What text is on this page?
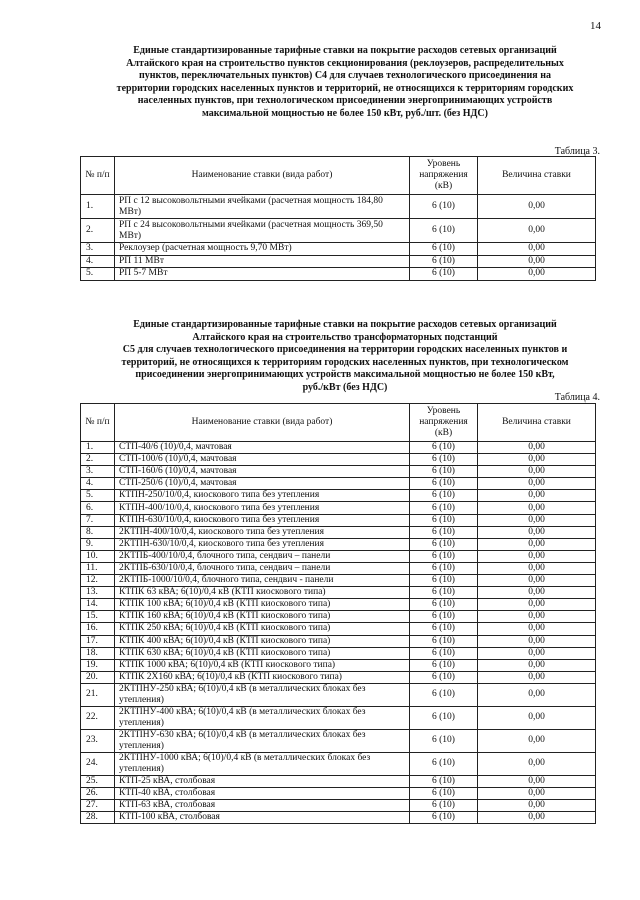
14
Единые стандартизированные тарифные ставки на покрытие расходов сетевых организаций
Алтайского края на строительство пунктов секционирования (реклоузеров, распределительных
пунктов, переключательных пунктов) С4 для случаев технологического присоединения на
территории городских населенных пунктов и территорий, не относящихся к территориям городских
населенных пунктов, при технологическом присоединении энергопринимающих устройств
максимальной мощностью не более 150 кВт, руб./шт. (без НДС)
Таблица 3.
№ п/п	Наименование ставки (вида работ)	Уровень напряжения (кВ)	Величина ставки
1.	РП с 12 высоковольтными ячейками (расчетная мощность 184,80 МВт)	6 (10)	0,00
2.	РП с 24 высоковольтными ячейками (расчетная мощность 369,50 МВт)	6 (10)	0,00
3.	Реклоузер (расчетная мощность 9,70 МВт)	6 (10)	0,00
4.	РП 11 МВт	6 (10)	0,00
5.	РП 5-7 МВт	6 (10)	0,00
Единые стандартизированные тарифные ставки на покрытие расходов сетевых организаций
Алтайского края на строительство трансформаторных подстанций
С5 для случаев технологического присоединения на территории городских населенных пунктов и
территорий, не относящихся к территориям городских населенных пунктов, при технологическом
присоединении энергопринимающих устройств максимальной мощностью не более 150 кВт,
руб./кВт (без НДС)
Таблица 4.
№ п/п	Наименование ставки (вида работ)	Уровень напряжения (кВ)	Величина ставки
1.	СТП-40/6 (10)/0,4, мачтовая	6 (10)	0,00
2.	СТП-100/6 (10)/0,4, мачтовая	6 (10)	0,00
3.	СТП-160/6 (10)/0,4, мачтовая	6 (10)	0,00
4.	СТП-250/6 (10)/0,4, мачтовая	6 (10)	0,00
5.	КТПН-250/10/0,4, киоскового типа без утепления	6 (10)	0,00
6.	КТПН-400/10/0,4, киоскового типа без утепления	6 (10)	0,00
7.	КТПН-630/10/0,4, киоскового типа без утепления	6 (10)	0,00
8.	2КТПН-400/10/0,4, киоскового типа без утепления	6 (10)	0,00
9.	2КТПН-630/10/0,4, киоскового типа без утепления	6 (10)	0,00
10.	2КТПБ-400/10/0,4, блочного типа, сендвич – панели	6 (10)	0,00
11.	2КТПБ-630/10/0,4, блочного типа, сендвич – панели	6 (10)	0,00
12.	2КТПБ-1000/10/0,4, блочного типа, сендвич - панели	6 (10)	0,00
13.	КТПК 63 кВА; 6(10)/0,4 кВ (КТП киоскового типа)	6 (10)	0,00
14.	КТПК 100 кВА; 6(10)/0,4 кВ (КТП киоскового типа)	6 (10)	0,00
15.	КТПК 160 кВА; 6(10)/0,4 кВ (КТП киоскового типа)	6 (10)	0,00
16.	КТПК 250 кВА; 6(10)/0,4 кВ (КТП киоскового типа)	6 (10)	0,00
17.	КТПК 400 кВА; 6(10)/0,4 кВ (КТП киоскового типа)	6 (10)	0,00
18.	КТПК 630 кВА; 6(10)/0,4 кВ (КТП киоскового типа)	6 (10)	0,00
19.	КТПК 1000 кВА; 6(10)/0,4 кВ (КТП киоскового типа)	6 (10)	0,00
20.	КТПК 2Х160 кВА; 6(10)/0,4 кВ (КТП киоскового типа)	6 (10)	0,00
21.	2КТПНУ-250 кВА; 6(10)/0,4 кВ (в металлических блоках без утепления)	6 (10)	0,00
22.	2КТПНУ-400 кВА; 6(10)/0,4 кВ (в металлических блоках без утепления)	6 (10)	0,00
23.	2КТПНУ-630 кВА; 6(10)/0,4 кВ (в металлических блоках без утепления)	6 (10)	0,00
24.	2КТПНУ-1000 кВА; 6(10)/0,4 кВ (в металлических блоках без утепления)	6 (10)	0,00
25.	КТП-25 кВА, столбовая	6 (10)	0,00
26.	КТП-40 кВА, столбовая	6 (10)	0,00
27.	КТП-63 кВА, столбовая	6 (10)	0,00
28.	КТП-100 кВА, столбовая	6 (10)	0,00
